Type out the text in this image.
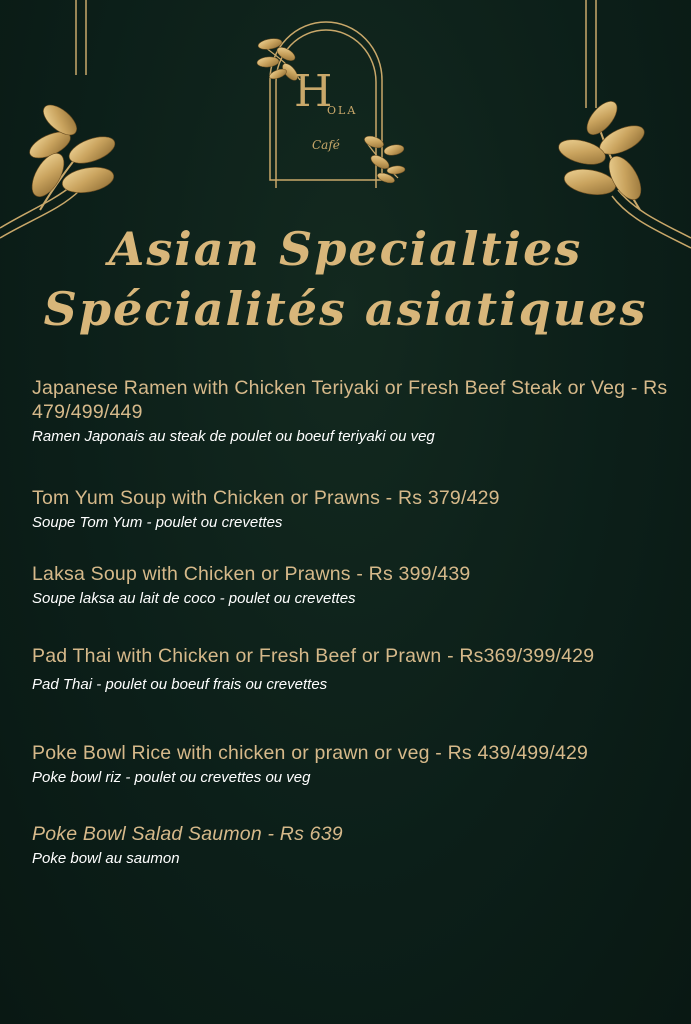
H
OLA
Café
Asian Specialties
Spécialités asiatiques
Japanese Ramen with Chicken Teriyaki or Fresh Beef Steak or Veg - Rs 479/499/449
Ramen Japonais au steak de poulet ou boeuf teriyaki ou veg
Tom Yum Soup with Chicken or Prawns - Rs 379/429
Soupe Tom Yum - poulet ou crevettes
Laksa Soup with Chicken or Prawns - Rs 399/439
Soupe laksa au lait de coco - poulet ou crevettes
Pad Thai with Chicken or Fresh Beef or Prawn - Rs369/399/429
Pad Thai - poulet ou boeuf frais ou crevettes
Poke Bowl Rice with chicken or prawn or veg - Rs 439/499/429
Poke bowl riz - poulet ou crevettes ou veg
Poke Bowl Salad Saumon - Rs 639
Poke bowl au saumon
